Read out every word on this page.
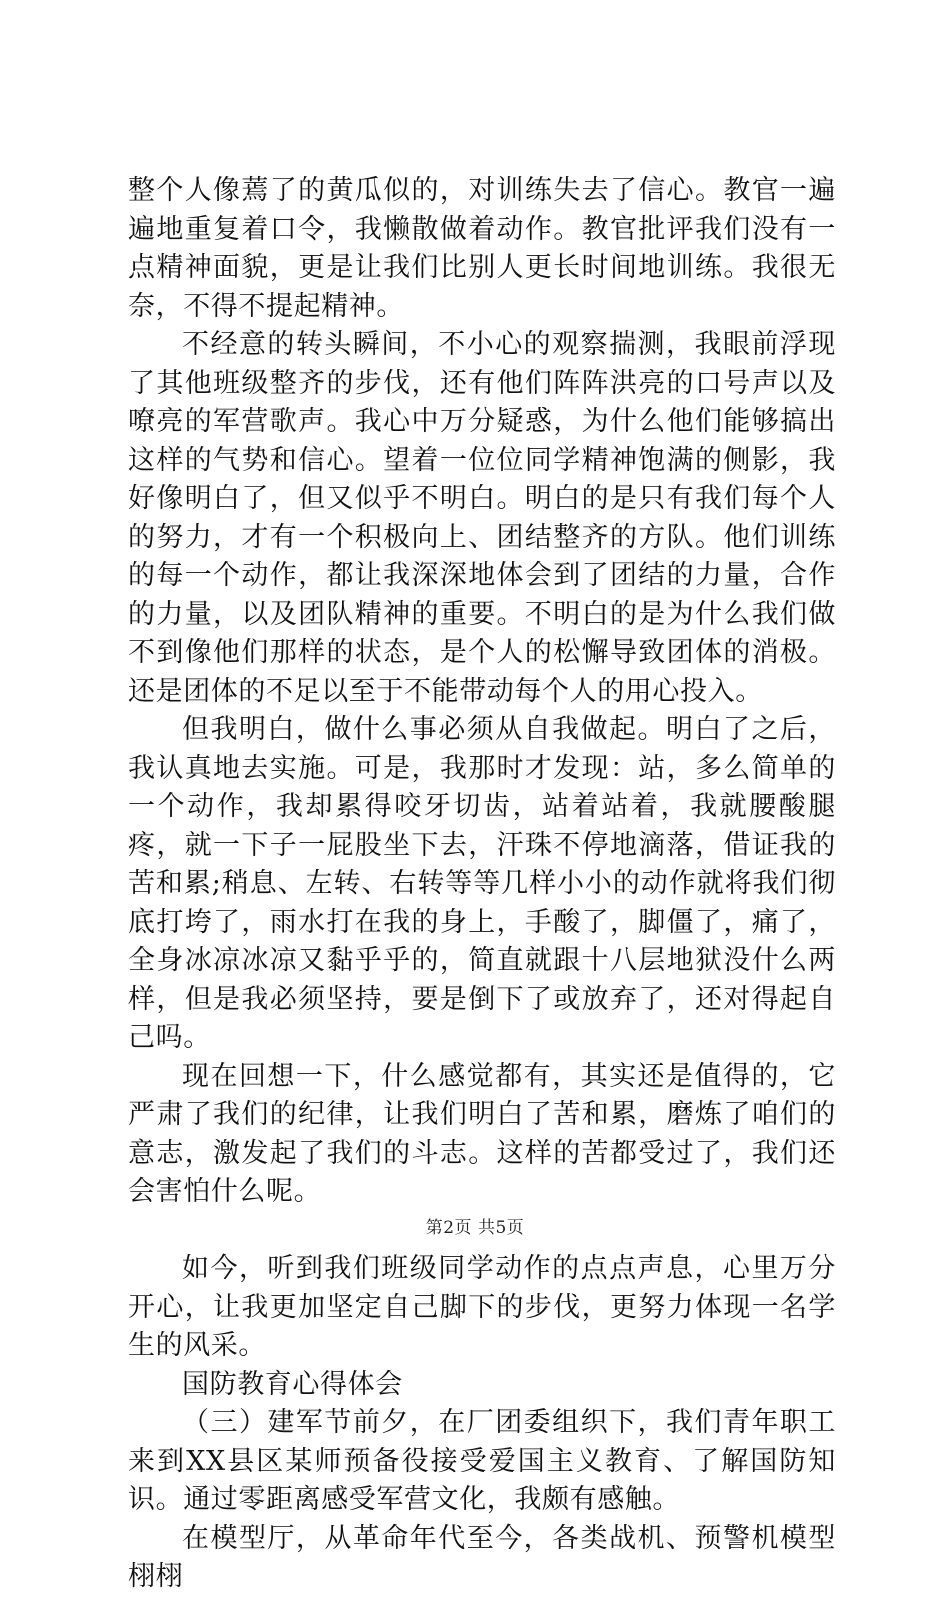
整个人像蔫了的黄瓜似的，对训练失去了信心。教官一遍遍地重复着口令，我懒散做着动作。教官批评我们没有一点精神面貌，更是让我们比别人更长时间地训练。我很无奈，不得不提起精神。

不经意的转头瞬间，不小心的观察揣测，我眼前浮现了其他班级整齐的步伐，还有他们阵阵洪亮的口号声以及嘹亮的军营歌声。我心中万分疑惑，为什么他们能够搞出这样的气势和信心。望着一位位同学精神饱满的侧影，我好像明白了，但又似乎不明白。明白的是只有我们每个人的努力，才有一个积极向上、团结整齐的方队。他们训练的每一个动作，都让我深深地体会到了团结的力量，合作的力量，以及团队精神的重要。不明白的是为什么我们做不到像他们那样的状态，是个人的松懈导致团体的消极。还是团体的不足以至于不能带动每个人的用心投入。

但我明白，做什么事必须从自我做起。明白了之后，我认真地去实施。可是，我那时才发现：站，多么简单的一个动作，我却累得咬牙切齿，站着站着，我就腰酸腿疼，就一下子一屁股坐下去，汗珠不停地滴落，借证我的苦和累;稍息、左转、右转等等几样小小的动作就将我们彻底打垮了，雨水打在我的身上，手酸了，脚僵了，痛了，全身冰凉冰凉又黏乎乎的，简直就跟十八层地狱没什么两样，但是我必须坚持，要是倒下了或放弃了，还对得起自己吗。

现在回想一下，什么感觉都有，其实还是值得的，它严肃了我们的纪律，让我们明白了苦和累，磨炼了咱们的意志，激发起了我们的斗志。这样的苦都受过了，我们还会害怕什么呢。

如今，听到我们班级同学动作的点点声息，心里万分开心，让我更加坚定自己脚下的步伐，更努力体现一名学生的风采。

国防教育心得体会

（三）建军节前夕，在厂团委组织下，我们青年职工来到XX县区某师预备役接受爱国主义教育、了解国防知识。通过零距离感受军营文化，我颇有感触。

在模型厅，从革命年代至今，各类战机、预警机模型栩栩

第2页 共5页
